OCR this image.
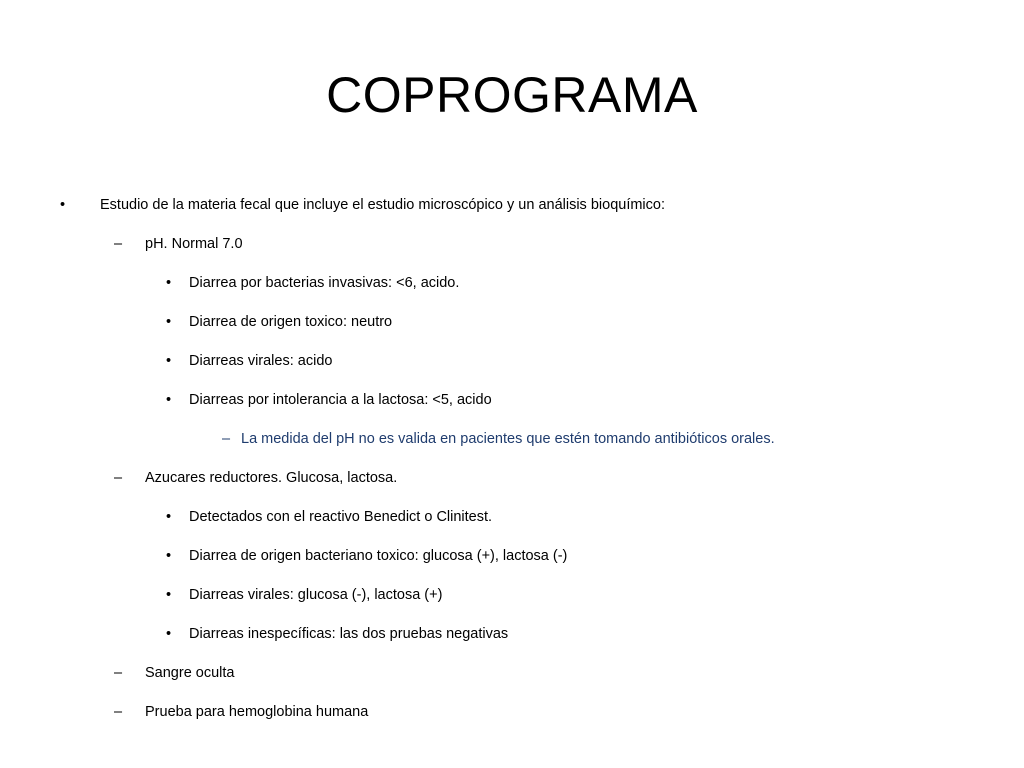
COPROGRAMA
• Estudio de la materia fecal que incluye el estudio microscópico y un análisis bioquímico:
– pH. Normal 7.0
• Diarrea por bacterias invasivas: <6, acido.
• Diarrea de origen toxico: neutro
• Diarreas virales: acido
• Diarreas por intolerancia a la lactosa: <5, acido
– La medida del pH no es valida en pacientes que estén tomando antibióticos orales.
– Azucares reductores. Glucosa, lactosa.
• Detectados con el reactivo Benedict o Clinitest.
• Diarrea de origen bacteriano toxico: glucosa (+), lactosa (-)
• Diarreas virales: glucosa (-), lactosa (+)
• Diarreas inespecíficas: las dos pruebas negativas
– Sangre oculta
– Prueba para hemoglobina humana
